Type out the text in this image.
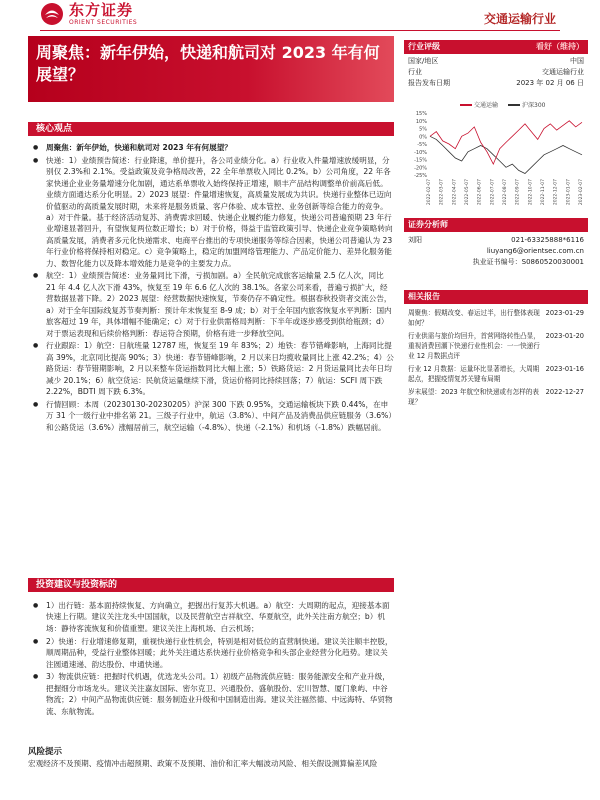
东方证券
ORIENT SECURITIES	交通运输行业
周聚焦：新年伊始，快递和航司对 2023 年有何展望？
行业评级	看好（维持）
国家/地区	中国
行业	交通运输行业
报告发布日期	2023 年 02 月 06 日
交通运输	沪深300
15%
10%
5%
0%
-5%
-10%
-15%
-20%
-25%
2022-02-07 2022-03-07 2022-04-07 2022-05-07 2022-06-07 2022-07-07 2022-08-07 2022-09-07 2022-10-07 2022-11-07 2022-12-07 2023-01-07 2023-02-07
证券分析师
刘阳	021-63325888*6116
liuyang6@orientsec.com.cn
执业证书编号：S0860520030001
相关报告
周聚焦：假期改变、春运过半，出行整体表现如何？
2023-01-29
行业供需与旅价均回升，首营网络转性凸显，重视消费回潮下快递行业性机会：一一快递行业 12 月数据点评
2023-01-20
行业 12 月数据：运量环比显著增长，大周期起点，把握疫情复苏关键布局期
2023-01-16
岁末展望：2023 年航空和快递或有怎样的表现？
2022-12-27
核心观点
● 周聚焦：新年伊始，快递和航司对 2023 年有何展望？
● 快递：1）业绩预告简述：行业降速，单价提升，各公司业绩分化。a）行业收入件量增速放缓明显，分别仅 2.3%和 2.1%。受益政策及竞争格局改善，22 全年单票收入同比 0.2%。b）公司角度，22 年各家快递企业业务量增速分化加剧，通达系单票收入始终保持正增速，顺丰产品结构调整单价前高后低。业绩方面通达系分化明显。2）2023 展望：件量增速恢复，高质量发展成为共识。快递行业整体已迈向价值驱动的高质量发展时期，未来将是服务质量、客户体验、成本管控、业务创新等综合能力的竞争。a）对于件量。基于经济活动复苏、消费需求回暖、快递企业履约能力修复，快递公司普遍预期 23 年行业增速显著回升，有望恢复两位数正增长；b）对于价格，得益于监管政策引导、快递企业竞争策略转向高质量发展，消费者多元化快递需求、电商平台推出的专项快递服务等综合因素，快递公司普遍认为 23 年行业价格将保持相对稳定。c）竞争策略上，稳定的加盟网络管理能力、产品定价能力、差异化服务能力、数智化能力以及降本增效能力是竞争的主要发力点。
● 航空：1）业绩预告简述：业务量同比下滑，亏损加剧。a）全民航完成旅客运输量 2.5 亿人次，同比 21 年 4.4 亿人次下滑 43%，恢复至 19 年 6.6 亿人次的 38.1%。各家公司来看，普遍亏损扩大，经营数据显著下降。2）2023 展望：经营数据快速恢复，节奏仍存不确定性。根据春秋投资者交流公告，a）对于全年国际线复苏节奏判断：预计年末恢复至 8-9 成；b）对于全年国内旅客恢复水平判断：国内旅客超过 19 年，具体增幅不能确定；c）对于行业供需格局判断：下半年或逐步感受到供给瓶颈；d）对于票运表现和后续价格判断：春运符合预期，价格有进一步释放空间。
● 行业跟踪：1）航空：日航班量 12787 班，恢复至 19 年 83%；2）地铁：春节错峰影响，上海同比提高 39%，北京同比提高 90%；3）快递：春节错峰影响，2 月以来日均揽收量同比上涨 42.2%；4）公路货运：春节错期影响，2 月以来整车货运指数同比大幅上涨；5）铁路货运：2 月货运量同比去年日均减少 20.1%；6）航空货运：民航货运量继续下滑，货运价格同比持续回落；7）航运：SCFI 周下跌 2.22%，BDTI 周下跌 6.3%。
● 行情回顾：本周（20230130-20230205）沪深 300 下跌 0.95%，交通运输板块下跌 0.44%，在申万 31 个一级行业中排名第 21。三级子行业中，航运（3.8%）、中间产品及消费品供应链服务（3.6%）和公路货运（3.6%）涨幅居前三，航空运输（-4.8%）、快递（-2.1%）和机场（-1.8%）跌幅居前。
投资建议与投资标的
● 1）出行链：基本面持续恢复、方向确立，把握出行复苏大机遇。a）航空：大周期的起点，迎接基本面快速上行期。建议关注龙头中国国航，以及民营航空吉祥航空、华夏航空，此外关注南方航空；b）机场：静待客流恢复和价值重塑。建议关注上海机场、白云机场；
● 2）快递：行业增速修复期，重视快递行业性机会，特别是相对低位的直营制快递。建议关注顺丰控股，顺周期品种，受益行业整体回暖；此外关注通达系快递行业价格竞争和头部企业经营分化趋势。建议关注圆通速递、韵达股份、申通快递。
● 3）物流供应链：把握时代机遇，优选龙头公司。1）初级产品物流供应链：服务能源安全和产业升级，把握细分市场龙头。建议关注嘉友国际、密尔克卫、兴通股份、盛航股份、宏川智慧、厦门象屿、中谷物流；2）中间产品物流供应链：服务制造业升级和中国制造出海。建议关注福然德、中远海特、华贸物流、东航物流。
风险提示
宏观经济不及预期、疫情冲击超预期、政策不及预期、油价和汇率大幅波动风险、相关假设测算偏差风险
